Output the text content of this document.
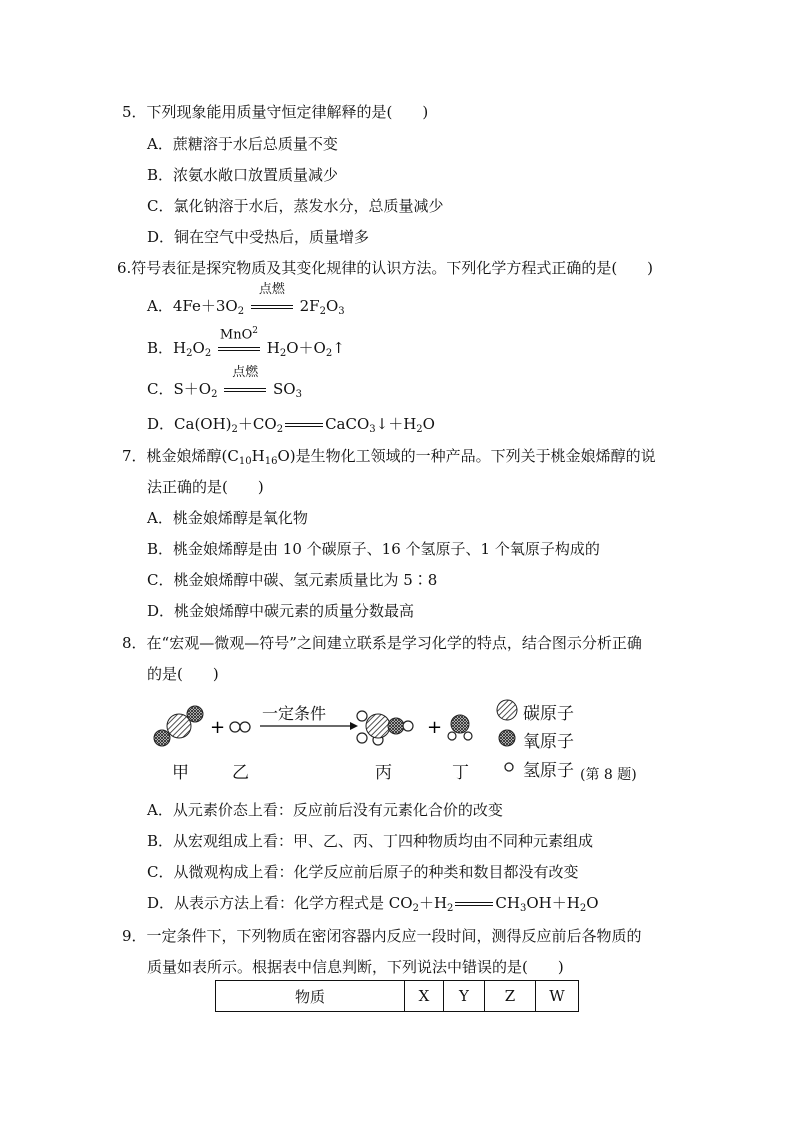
5．下列现象能用质量守恒定律解释的是(　　)
A．蔗糖溶于水后总质量不变
B．浓氨水敞口放置质量减少
C．氯化钠溶于水后，蒸发水分，总质量减少
D．铜在空气中受热后，质量增多
6.符号表征是探究物质及其变化规律的认识方法。下列化学方程式正确的是(　　)
A．$4Fe+3O_2$
点燃
$2F_2O_3$
B．$H_2O_2$
MnO$^2$
$H_2O+O_2↑$
C．$S+O_2$
点燃
$SO_3$
D．$Ca(OH)_2+CO_2$	$CaCO_3↓+H_2O$
7．桃金娘烯醇$(C_{10}H_{16}O)$是生物化工领域的一种产品。下列关于桃金娘烯醇的说
法正确的是(　　)
A．桃金娘烯醇是氧化物
B．桃金娘烯醇是由 10 个碳原子、16 个氢原子、1 个氧原子构成的
C．桃金娘烯醇中碳、氢元素质量比为 5∶8
D．桃金娘烯醇中碳元素的质量分数最高
8．在“宏观—微观—符号”之间建立联系是学习化学的特点，结合图示分析正确
的是(　　)
+	+
一定条件
甲	乙	丙	丁
碳原子
氧原子
氢原子 (第 8 题)
A．从元素价态上看：反应前后没有元素化合价的改变
B．从宏观组成上看：甲、乙、丙、丁四种物质均由不同种元素组成
C．从微观构成上看：化学反应前后原子的种类和数目都没有改变
D．从表示方法上看：化学方程式是 $CO_2+H_2$	$CH_3OH+H_2O$
9．一定条件下，下列物质在密闭容器内反应一段时间，测得反应前后各物质的
质量如表所示。根据表中信息判断，下列说法中错误的是(　　)
物质	X	Y	Z	W
